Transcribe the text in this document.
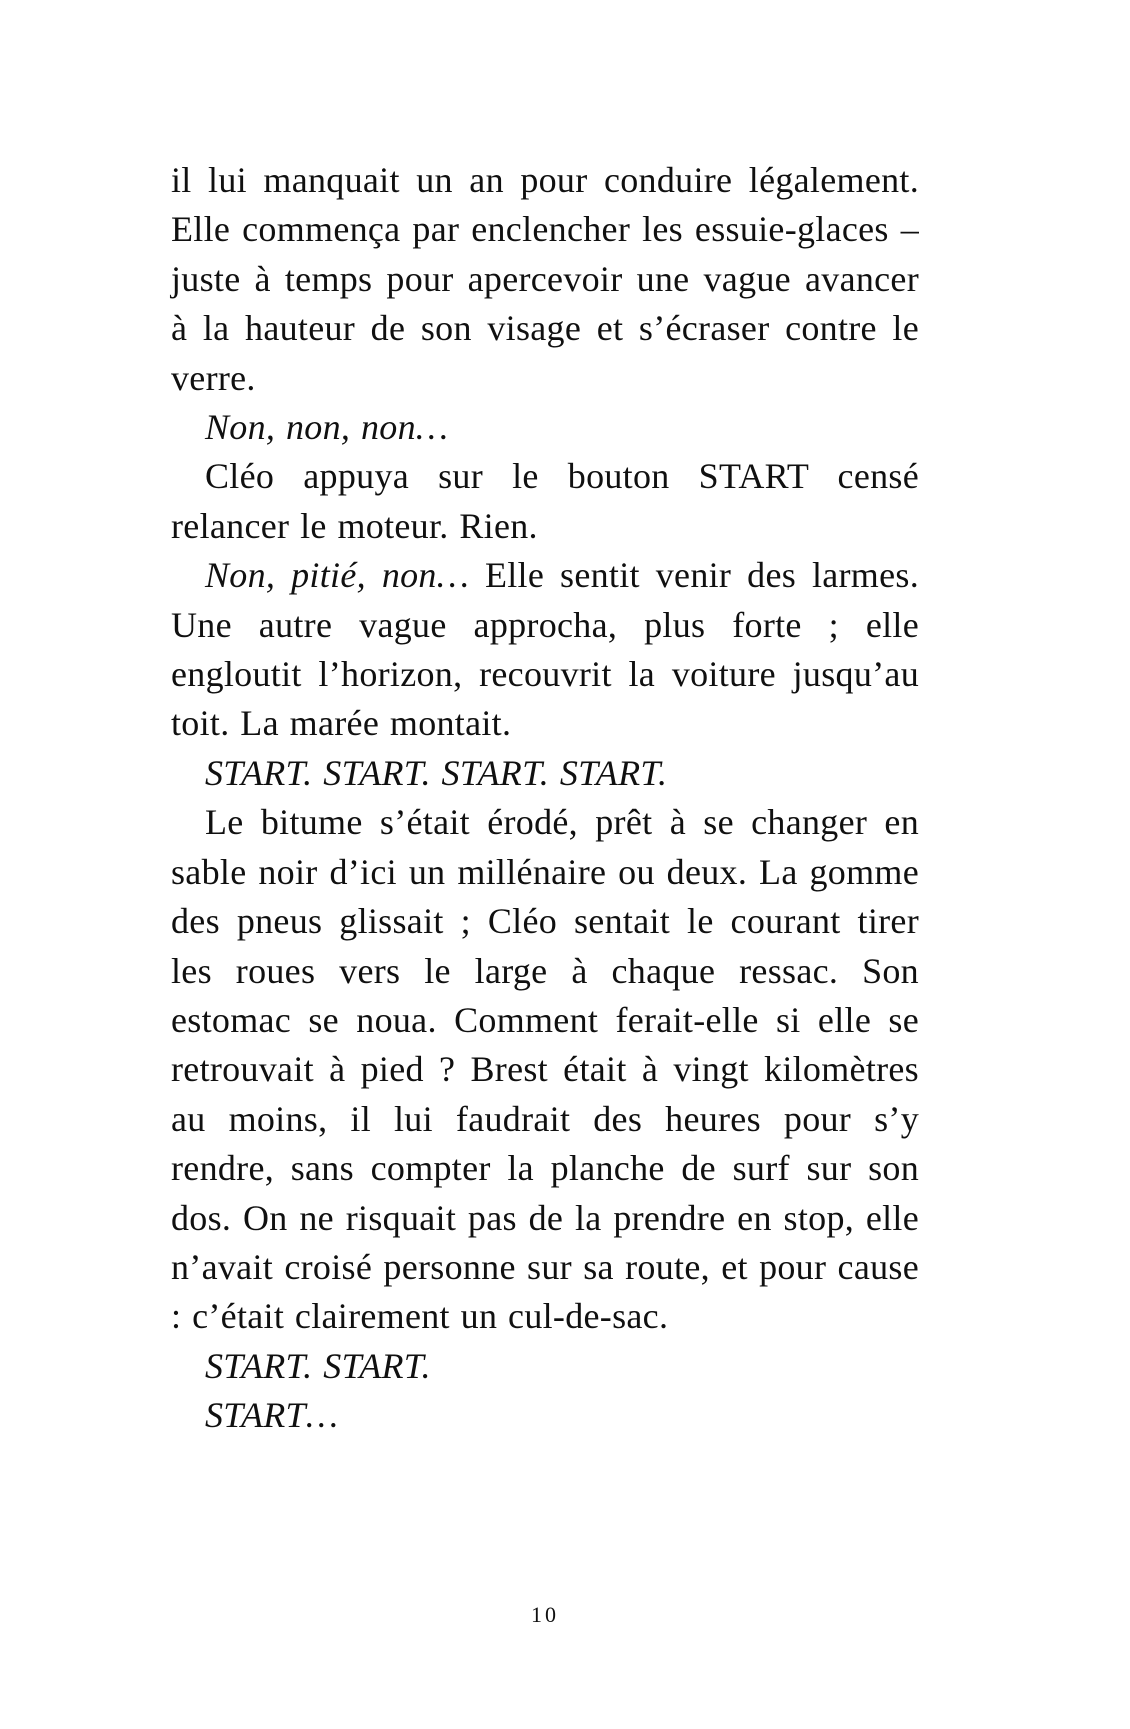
il lui manquait un an pour conduire légalement. Elle commença par enclencher les essuie-glaces – juste à temps pour apercevoir une vague avancer à la hauteur de son visage et s’écraser contre le verre.

Non, non, non…

Cléo appuya sur le bouton START censé relancer le moteur. Rien.

Non, pitié, non… Elle sentit venir des larmes. Une autre vague approcha, plus forte ; elle engloutit l’horizon, recouvrit la voiture jusqu’au toit. La marée montait.

START. START. START. START.

Le bitume s’était érodé, prêt à se changer en sable noir d’ici un millénaire ou deux. La gomme des pneus glissait ; Cléo sentait le courant tirer les roues vers le large à chaque ressac. Son estomac se noua. Comment ferait-elle si elle se retrouvait à pied ? Brest était à vingt kilomètres au moins, il lui faudrait des heures pour s’y rendre, sans compter la planche de surf sur son dos. On ne risquait pas de la prendre en stop, elle n’avait croisé personne sur sa route, et pour cause : c’était clairement un cul-de-sac.

START. START.

START…

10
